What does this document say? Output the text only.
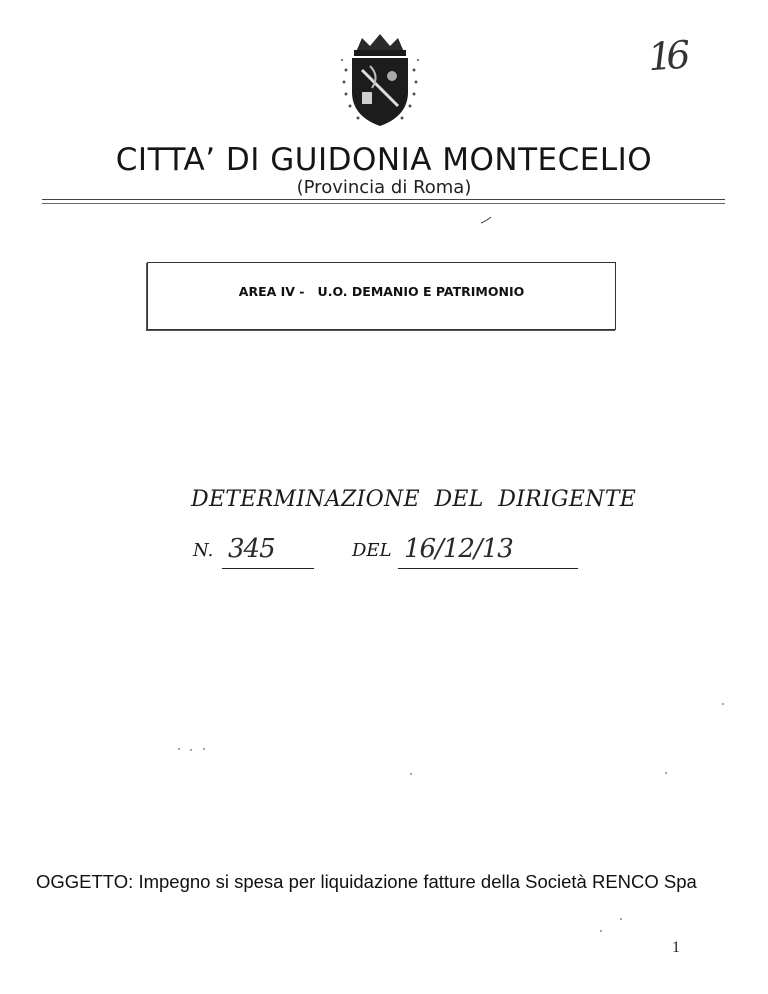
16
CITTA’ DI GUIDONIA MONTECELIO
(Provincia di Roma)
AREA IV -   U.O. DEMANIO E PATRIMONIO
DETERMINAZIONE  DEL  DIRIGENTE
N. 345	DEL 16/12/13
OGGETTO: Impegno si spesa per liquidazione fatture della Società RENCO Spa
1
